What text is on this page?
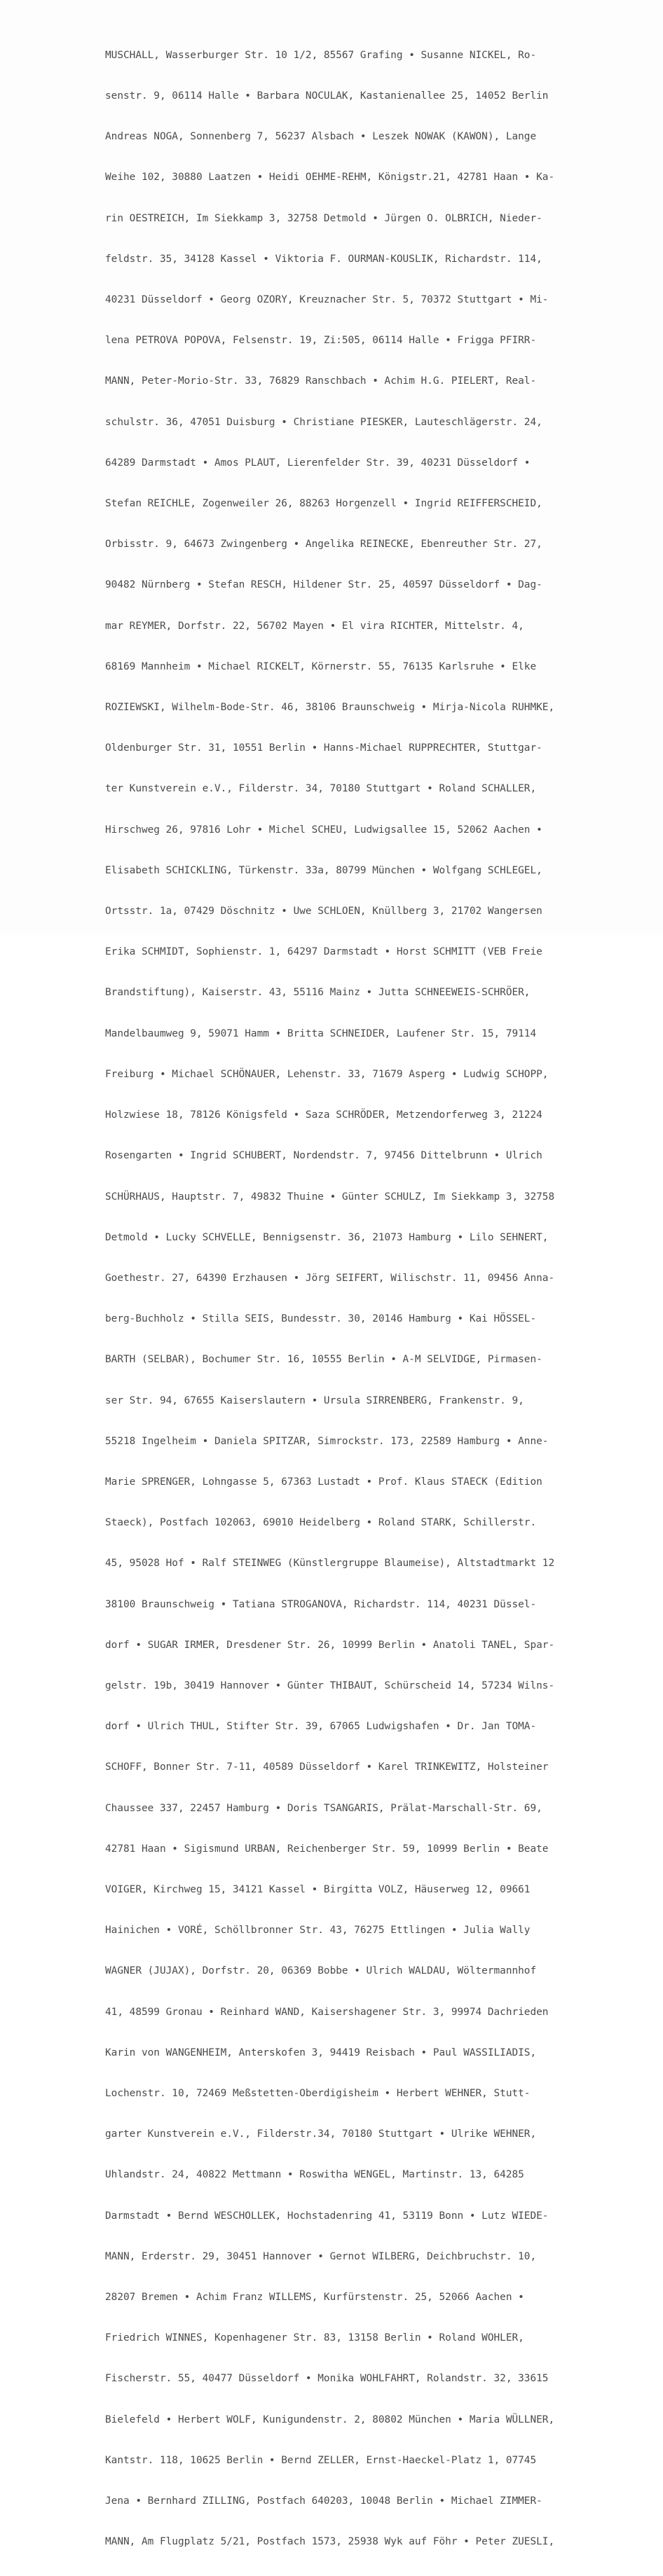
MUSCHALL, Wasserburger Str. 10 1/2, 85567 Grafing • Susanne NICKEL, Ro-

senstr. 9, 06114 Halle • Barbara NOCULAK, Kastanienallee 25, 14052 Berlin

Andreas NOGA, Sonnenberg 7, 56237 Alsbach • Leszek NOWAK (KAWON), Lange

Weihe 102, 30880 Laatzen • Heidi OEHME-REHM, Königstr.21, 42781 Haan • Ka-

rin OESTREICH, Im Siekkamp 3, 32758 Detmold • Jürgen O. OLBRICH, Nieder-

feldstr. 35, 34128 Kassel • Viktoria F. OURMAN-KOUSLIK, Richardstr. 114,

40231 Düsseldorf • Georg OZORY, Kreuznacher Str. 5, 70372 Stuttgart • Mi-

lena PETROVA POPOVA, Felsenstr. 19, Zi:505, 06114 Halle • Frigga PFIRR-

MANN, Peter-Morio-Str. 33, 76829 Ranschbach • Achim H.G. PIELERT, Real-

schulstr. 36, 47051 Duisburg • Christiane PIESKER, Lauteschlägerstr. 24,

64289 Darmstadt • Amos PLAUT, Lierenfelder Str. 39, 40231 Düsseldorf •

Stefan REICHLE, Zogenweiler 26, 88263 Horgenzell • Ingrid REIFFERSCHEID,

Orbisstr. 9, 64673 Zwingenberg • Angelika REINECKE, Ebenreuther Str. 27,

90482 Nürnberg • Stefan RESCH, Hildener Str. 25, 40597 Düsseldorf • Dag-

mar REYMER, Dorfstr. 22, 56702 Mayen • El vira RICHTER, Mittelstr. 4,

68169 Mannheim • Michael RICKELT, Körnerstr. 55, 76135 Karlsruhe • Elke

ROZIEWSKI, Wilhelm-Bode-Str. 46, 38106 Braunschweig • Mirja-Nicola RUHMKE,

Oldenburger Str. 31, 10551 Berlin • Hanns-Michael RUPPRECHTER, Stuttgar-

ter Kunstverein e.V., Filderstr. 34, 70180 Stuttgart • Roland SCHALLER,

Hirschweg 26, 97816 Lohr • Michel SCHEU, Ludwigsallee 15, 52062 Aachen •

Elisabeth SCHICKLING, Türkenstr. 33a, 80799 München • Wolfgang SCHLEGEL,

Ortsstr. 1a, 07429 Döschnitz • Uwe SCHLOEN, Knüllberg 3, 21702 Wangersen

Erika SCHMIDT, Sophienstr. 1, 64297 Darmstadt • Horst SCHMITT (VEB Freie

Brandstiftung), Kaiserstr. 43, 55116 Mainz • Jutta SCHNEEWEIS-SCHRÖER,

Mandelbaumweg 9, 59071 Hamm • Britta SCHNEIDER, Laufener Str. 15, 79114

Freiburg • Michael SCHÖNAUER, Lehenstr. 33, 71679 Asperg • Ludwig SCHOPP,

Holzwiese 18, 78126 Königsfeld • Saza SCHRÖDER, Metzendorferweg 3, 21224

Rosengarten • Ingrid SCHUBERT, Nordendstr. 7, 97456 Dittelbrunn • Ulrich

SCHÜRHAUS, Hauptstr. 7, 49832 Thuine • Günter SCHULZ, Im Siekkamp 3, 32758

Detmold • Lucky SCHVELLE, Bennigsenstr. 36, 21073 Hamburg • Lilo SEHNERT,

Goethestr. 27, 64390 Erzhausen • Jörg SEIFERT, Wilischstr. 11, 09456 Anna-

berg-Buchholz • Stilla SEIS, Bundesstr. 30, 20146 Hamburg • Kai HÖSSEL-

BARTH (SELBAR), Bochumer Str. 16, 10555 Berlin • A-M SELVIDGE, Pirmasen-

ser Str. 94, 67655 Kaiserslautern • Ursula SIRRENBERG, Frankenstr. 9,

55218 Ingelheim • Daniela SPITZAR, Simrockstr. 173, 22589 Hamburg • Anne-

Marie SPRENGER, Lohngasse 5, 67363 Lustadt • Prof. Klaus STAECK (Edition

Staeck), Postfach 102063, 69010 Heidelberg • Roland STARK, Schillerstr.

45, 95028 Hof • Ralf STEINWEG (Künstlergruppe Blaumeise), Altstadtmarkt 12

38100 Braunschweig • Tatiana STROGANOVA, Richardstr. 114, 40231 Düssel-

dorf • SUGAR IRMER, Dresdener Str. 26, 10999 Berlin • Anatoli TANEL, Spar-

gelstr. 19b, 30419 Hannover • Günter THIBAUT, Schürscheid 14, 57234 Wilns-

dorf • Ulrich THUL, Stifter Str. 39, 67065 Ludwigshafen • Dr. Jan TOMA-

SCHOFF, Bonner Str. 7-11, 40589 Düsseldorf • Karel TRINKEWITZ, Holsteiner

Chaussee 337, 22457 Hamburg • Doris TSANGARIS, Prälat-Marschall-Str. 69,

42781 Haan • Sigismund URBAN, Reichenberger Str. 59, 10999 Berlin • Beate

VOIGER, Kirchweg 15, 34121 Kassel • Birgitta VOLZ, Häuserweg 12, 09661

Hainichen • VORÉ, Schöllbronner Str. 43, 76275 Ettlingen • Julia Wally

WAGNER (JUJAX), Dorfstr. 20, 06369 Bobbe • Ulrich WALDAU, Wöltermannhof

41, 48599 Gronau • Reinhard WAND, Kaisershagener Str. 3, 99974 Dachrieden

Karin von WANGENHEIM, Anterskofen 3, 94419 Reisbach • Paul WASSILIADIS,

Lochenstr. 10, 72469 Meßstetten-Oberdigisheim • Herbert WEHNER, Stutt-

garter Kunstverein e.V., Filderstr.34, 70180 Stuttgart • Ulrike WEHNER,

Uhlandstr. 24, 40822 Mettmann • Roswitha WENGEL, Martinstr. 13, 64285

Darmstadt • Bernd WESCHOLLEK, Hochstadenring 41, 53119 Bonn • Lutz WIEDE-

MANN, Erderstr. 29, 30451 Hannover • Gernot WILBERG, Deichbruchstr. 10,

28207 Bremen • Achim Franz WILLEMS, Kurfürstenstr. 25, 52066 Aachen •

Friedrich WINNES, Kopenhagener Str. 83, 13158 Berlin • Roland WOHLER,

Fischerstr. 55, 40477 Düsseldorf • Monika WOHLFAHRT, Rolandstr. 32, 33615

Bielefeld • Herbert WOLF, Kunigundenstr. 2, 80802 München • Maria WÜLLNER,

Kantstr. 118, 10625 Berlin • Bernd ZELLER, Ernst-Haeckel-Platz 1, 07745

Jena • Bernhard ZILLING, Postfach 640203, 10048 Berlin • Michael ZIMMER-

MANN, Am Flugplatz 5/21, Postfach 1573, 25938 Wyk auf Föhr • Peter ZUESLI,
